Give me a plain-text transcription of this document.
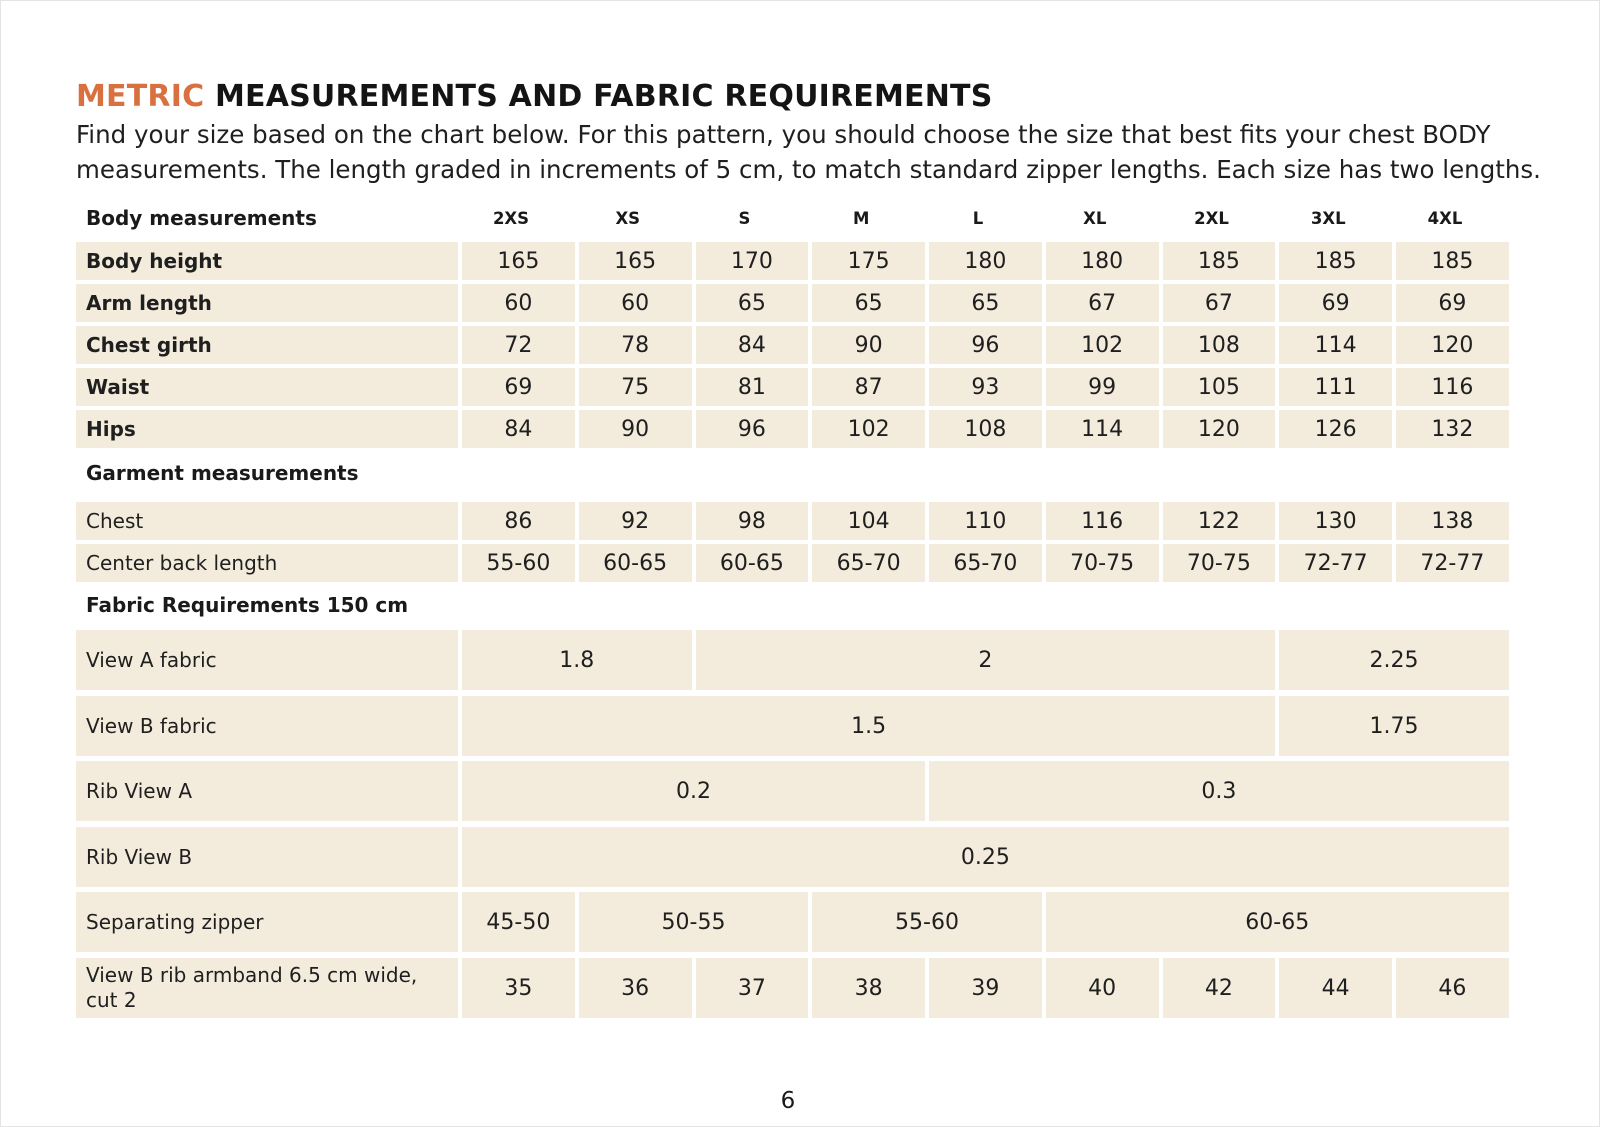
METRIC MEASUREMENTS AND FABRIC REQUIREMENTS

Find your size based on the chart below. For this pattern, you should choose the size that best fits your chest BODY
measurements. The length graded in increments of 5 cm, to match standard zipper lengths. Each size has two lengths.

Body measurements	2XS	XS	S	M	L	XL	2XL	3XL	4XL
Body height	165	165	170	175	180	180	185	185	185
Arm length	60	60	65	65	65	67	67	69	69
Chest girth	72	78	84	90	96	102	108	114	120
Waist	69	75	81	87	93	99	105	111	116
Hips	84	90	96	102	108	114	120	126	132
Garment measurements
Chest	86	92	98	104	110	116	122	130	138
Center back length	55-60	60-65	60-65	65-70	65-70	70-75	70-75	72-77	72-77
Fabric Requirements 150 cm
View A fabric	1.8	2	2.25
View B fabric	1.5	1.75
Rib View A	0.2	0.3
Rib View B	0.25
Separating zipper	45-50	50-55	55-60	60-65
View B rib armband 6.5 cm wide, cut 2	35	36	37	38	39	40	42	44	46
6
